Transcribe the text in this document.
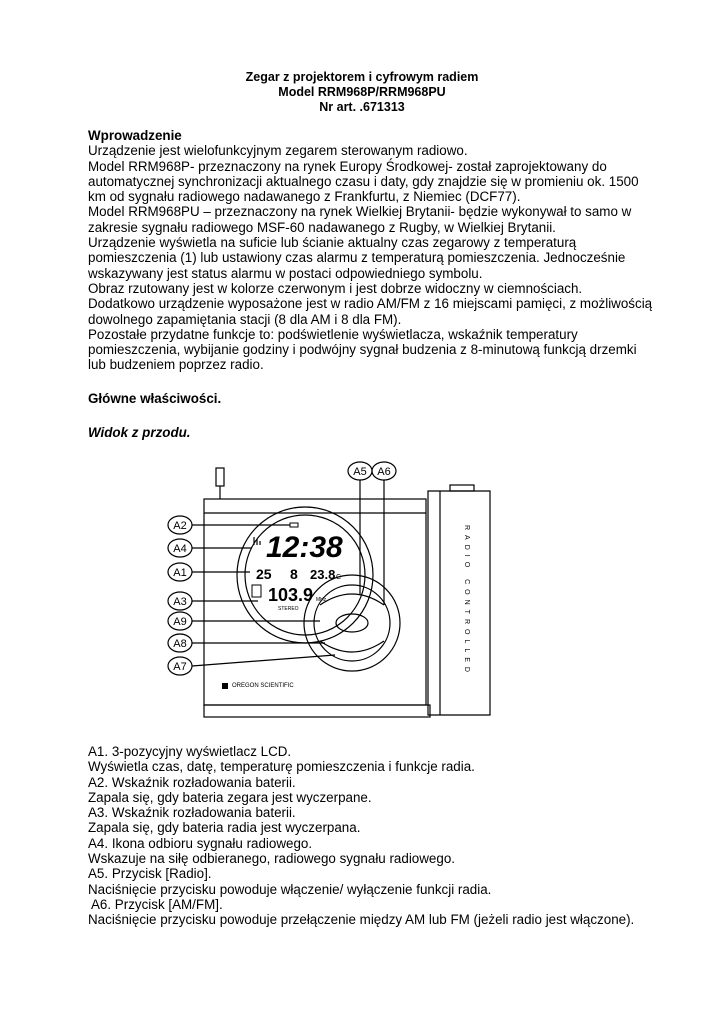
Zegar z projektorem i cyfrowym radiem
Model RRM968P/RRM968PU
Nr art. .671313
Wprowadzenie
Urządzenie jest wielofunkcyjnym zegarem sterowanym radiowo.
Model RRM968P- przeznaczony na rynek Europy Środkowej- został zaprojektowany do
automatycznej synchronizacji aktualnego czasu i daty, gdy znajdzie się w promieniu ok. 1500
km od sygnału radiowego nadawanego z Frankfurtu, z Niemiec (DCF77).
Model RRM968PU – przeznaczony na rynek Wielkiej Brytanii- będzie wykonywał to samo w
zakresie sygnału radiowego MSF-60 nadawanego z Rugby, w Wielkiej Brytanii.
Urządzenie wyświetla na suficie lub ścianie aktualny czas zegarowy z temperaturą
pomieszczenia (1) lub ustawiony czas alarmu z temperaturą pomieszczenia. Jednocześnie
wskazywany jest status alarmu w postaci odpowiedniego symbolu.
Obraz rzutowany jest w kolorze czerwonym i jest dobrze widoczny w ciemnościach.
Dodatkowo urządzenie wyposażone jest w radio AM/FM z 16 miejscami pamięci, z możliwością
dowolnego zapamiętania stacji (8 dla AM i 8 dla FM).
Pozostałe przydatne funkcje to: podświetlenie wyświetlacza, wskaźnik temperatury
pomieszczenia, wybijanie godziny i podwójny sygnał budzenia z 8-minutową funkcją drzemki
lub budzeniem poprzez radio.
Główne właściwości.
Widok z przodu.
A2
A4
A1
A3
A9
A8
A7
A5 A6
12:38
25 8 23.8 C
103.9 MHz
STEREO
OREGON SCIENTIFIC
RADIO CONTROLLED
A1. 3-pozycyjny wyświetlacz LCD.
Wyświetla czas, datę, temperaturę pomieszczenia i funkcje radia.
A2. Wskaźnik rozładowania baterii.
Zapala się, gdy bateria zegara jest wyczerpane.
A3. Wskaźnik rozładowania baterii.
Zapala się, gdy bateria radia jest wyczerpana.
A4. Ikona odbioru sygnału radiowego.
Wskazuje na siłę odbieranego, radiowego sygnału radiowego.
A5. Przycisk [Radio].
Naciśnięcie przycisku powoduje włączenie/ wyłączenie funkcji radia.
A6. Przycisk [AM/FM].
Naciśnięcie przycisku powoduje przełączenie między AM lub FM (jeżeli radio jest włączone).
